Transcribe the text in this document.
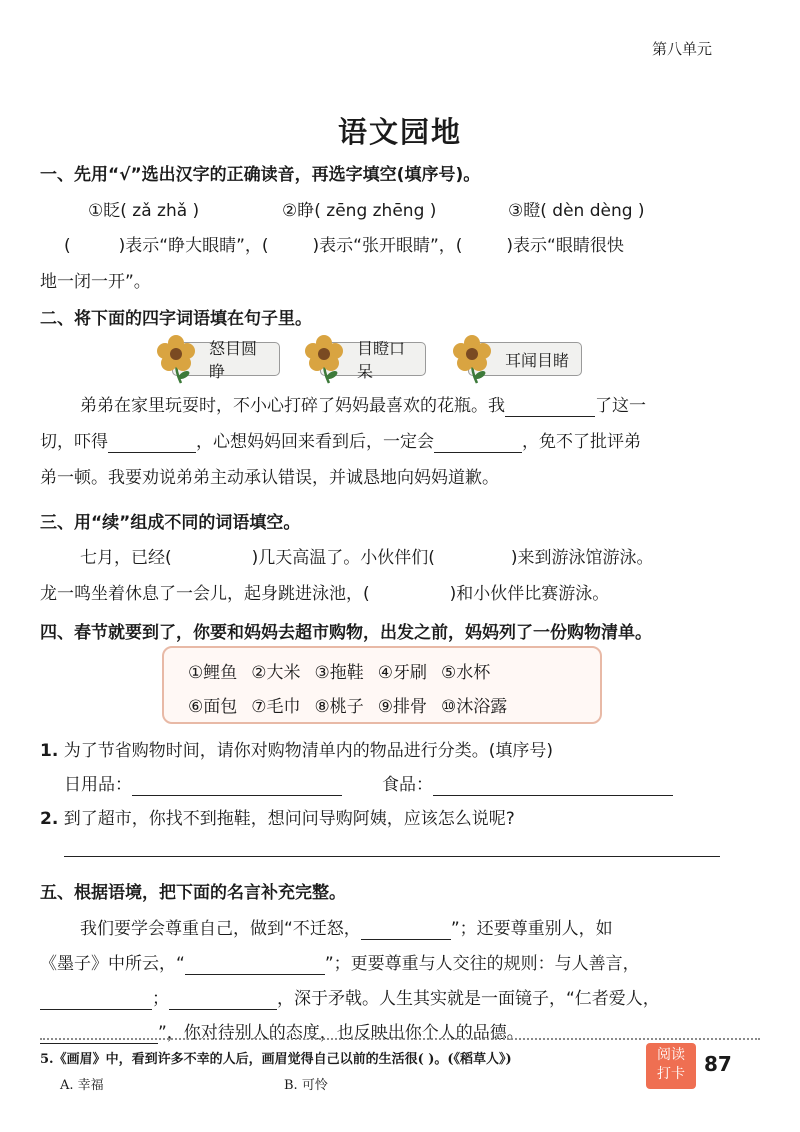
第八单元
语文园地
一、先用“√”选出汉字的正确读音，再选字填空(填序号)。
①眨( zǎ zhǎ )	②睁( zēng zhēng )	③瞪( dèn dèng )
(	)表示“睁大眼睛”，(	)表示“张开眼睛”，(	)表示“眼睛很快
地一闭一开”。
二、将下面的四字词语填在句子里。
怒目圆睁
目瞪口呆
耳闻目睹
弟弟在家里玩耍时，不小心打碎了妈妈最喜欢的花瓶。我	了这一
切，吓得	，心想妈妈回来看到后，一定会	，免不了批评弟
弟一顿。我要劝说弟弟主动承认错误，并诚恳地向妈妈道歉。
三、用“续”组成不同的词语填空。
七月，已经(	)几天高温了。小伙伴们(	)来到游泳馆游泳。
龙一鸣坐着休息了一会儿，起身跳进泳池，(	)和小伙伴比赛游泳。
四、春节就要到了，你要和妈妈去超市购物，出发之前，妈妈列了一份购物清单。
①鲤鱼 ②大米 ③拖鞋 ④牙刷 ⑤水杯
⑥面包 ⑦毛巾 ⑧桃子 ⑨排骨 ⑩沐浴露
1. 为了节省购物时间，请你对购物清单内的物品进行分类。(填序号)
日用品：	食品：
2. 到了超市，你找不到拖鞋，想问问导购阿姨，应该怎么说呢?
五、根据语境，把下面的名言补充完整。
我们要学会尊重自己，做到“不迁怒，	”；还要尊重别人，如
《墨子》中所云，“	”；更要尊重与人交往的规则：与人善言，
；	，深于矛戟。人生其实就是一面镜子，“仁者爱人，
”，你对待别人的态度，也反映出你个人的品德。
5.《画眉》中，看到许多不幸的人后，画眉觉得自己以前的生活很( )。(《稻草人》)
A. 幸福	B. 可怜
阅读
打卡 87
